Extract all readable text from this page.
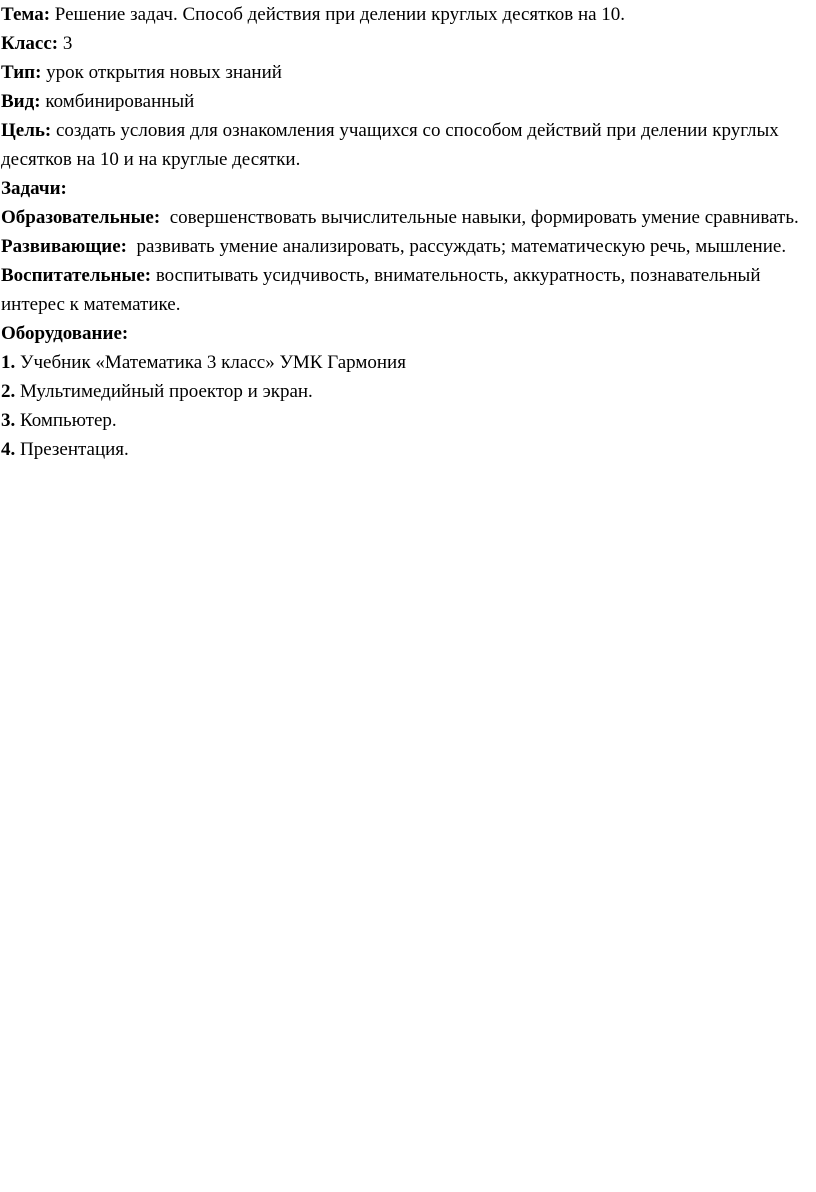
Тема: Решение задач. Способ действия при делении круглых десятков на 10.

Класс: 3

Тип: урок открытия новых знаний

Вид: комбинированный

Цель: создать условия для ознакомления учащихся со способом действий при делении круглых десятков на 10 и на круглые десятки.

Задачи:

Образовательные:  совершенствовать вычислительные навыки, формировать умение сравнивать.

Развивающие:  развивать умение анализировать, рассуждать; математическую речь, мышление.

Воспитательные: воспитывать усидчивость, внимательность, аккуратность, познавательный интерес к математике.

Оборудование:

1. Учебник «Математика 3 класс» УМК Гармония

2. Мультимедийный проектор и экран.

3. Компьютер.

4. Презентация.
